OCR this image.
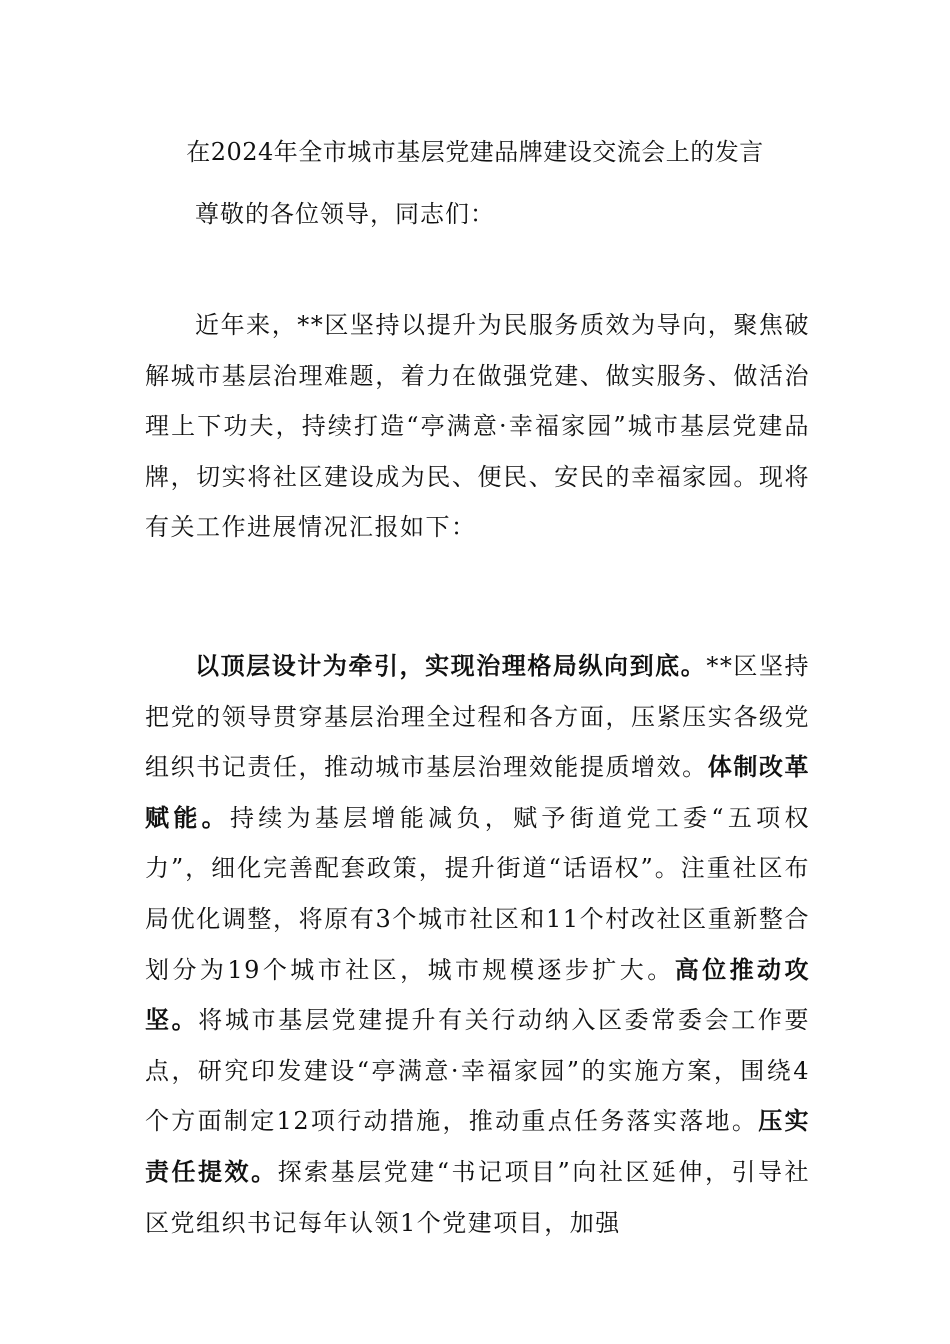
在2024年全市城市基层党建品牌建设交流会上的发言
尊敬的各位领导，同志们：

近年来，**区坚持以提升为民服务质效为导向，聚焦破解城市基层治理难题，着力在做强党建、做实服务、做活治理上下功夫，持续打造“亭满意·幸福家园”城市基层党建品牌，切实将社区建设成为民、便民、安民的幸福家园。现将有关工作进展情况汇报如下：

以顶层设计为牵引，实现治理格局纵向到底。**区坚持把党的领导贯穿基层治理全过程和各方面，压紧压实各级党组织书记责任，推动城市基层治理效能提质增效。体制改革赋能。持续为基层增能减负，赋予街道党工委“五项权力”，细化完善配套政策，提升街道“话语权”。注重社区布局优化调整，将原有3个城市社区和11个村改社区重新整合划分为19个城市社区，城市规模逐步扩大。高位推动攻坚。将城市基层党建提升有关行动纳入区委常委会工作要点，研究印发建设“亭满意·幸福家园”的实施方案，围绕4个方面制定12项行动措施，推动重点任务落实落地。压实责任提效。探索基层党建“书记项目”向社区延伸，引导社区党组织书记每年认领1个党建项目，加强
